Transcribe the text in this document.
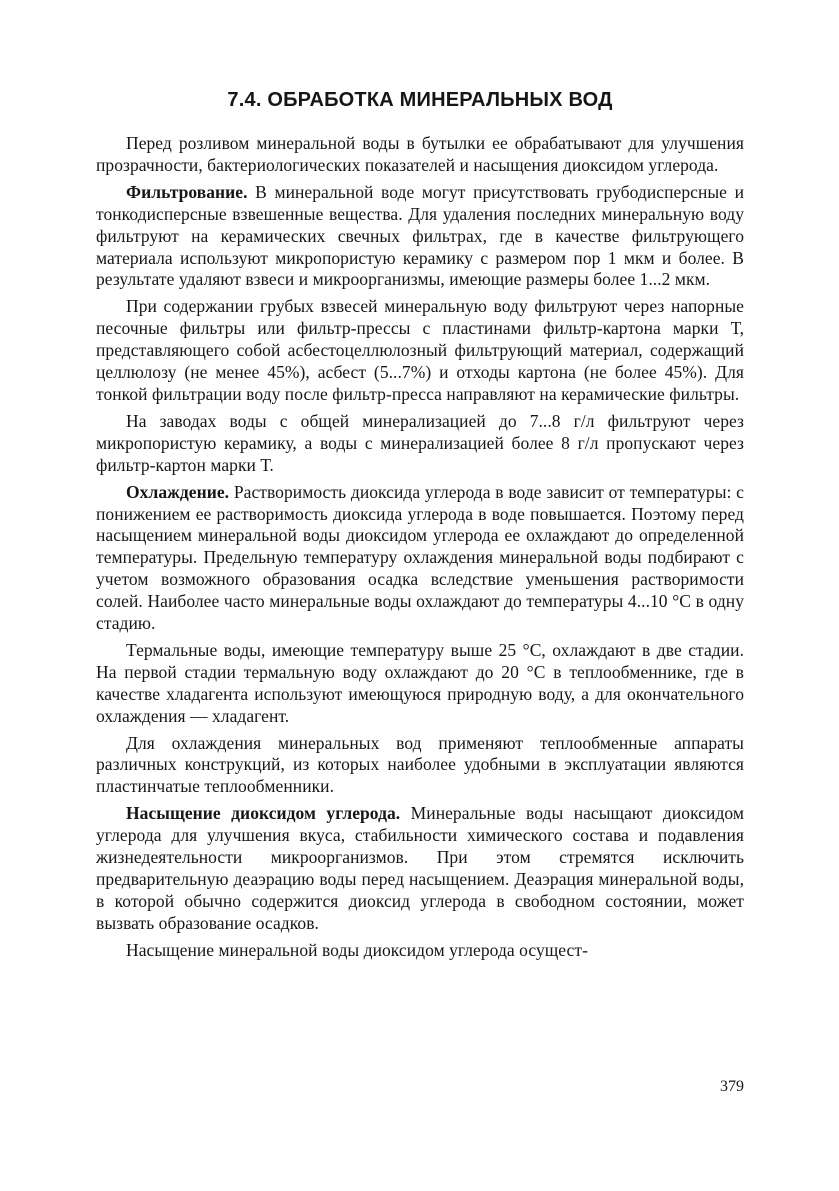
7.4. ОБРАБОТКА МИНЕРАЛЬНЫХ ВОД

Перед розливом минеральной воды в бутылки ее обрабатывают для улучшения прозрачности, бактериологических показателей и насыщения диоксидом углерода.

Фильтрование. В минеральной воде могут присутствовать грубодисперсные и тонкодисперсные взвешенные вещества. Для удаления последних минеральную воду фильтруют на керамических свечных фильтрах, где в качестве фильтрующего материала используют микропористую керамику с размером пор 1 мкм и более. В результате удаляют взвеси и микроорганизмы, имеющие размеры более 1...2 мкм.

При содержании грубых взвесей минеральную воду фильтруют через напорные песочные фильтры или фильтр-прессы с пластинами фильтр-картона марки Т, представляющего собой асбестоцеллюлозный фильтрующий материал, содержащий целлюлозу (не менее 45%), асбест (5...7%) и отходы картона (не более 45%). Для тонкой фильтрации воду после фильтр-пресса направляют на керамические фильтры.

На заводах воды с общей минерализацией до 7...8 г/л фильтруют через микропористую керамику, а воды с минерализацией более 8 г/л пропускают через фильтр-картон марки Т.

Охлаждение. Растворимость диоксида углерода в воде зависит от температуры: с понижением ее растворимость диоксида углерода в воде повышается. Поэтому перед насыщением минеральной воды диоксидом углерода ее охлаждают до определенной температуры. Предельную температуру охлаждения минеральной воды подбирают с учетом возможного образования осадка вследствие уменьшения растворимости солей. Наиболее часто минеральные воды охлаждают до температуры 4...10 °С в одну стадию.

Термальные воды, имеющие температуру выше 25 °С, охлаждают в две стадии. На первой стадии термальную воду охлаждают до 20 °С в теплообменнике, где в качестве хладагента используют имеющуюся природную воду, а для окончательного охлаждения — хладагент.

Для охлаждения минеральных вод применяют теплообменные аппараты различных конструкций, из которых наиболее удобными в эксплуатации являются пластинчатые теплообменники.

Насыщение диоксидом углерода. Минеральные воды насыщают диоксидом углерода для улучшения вкуса, стабильности химического состава и подавления жизнедеятельности микроорганизмов. При этом стремятся исключить предварительную деаэрацию воды перед насыщением. Деаэрация минеральной воды, в которой обычно содержится диоксид углерода в свободном состоянии, может вызвать образование осадков.

Насыщение минеральной воды диоксидом углерода осущест-

379
